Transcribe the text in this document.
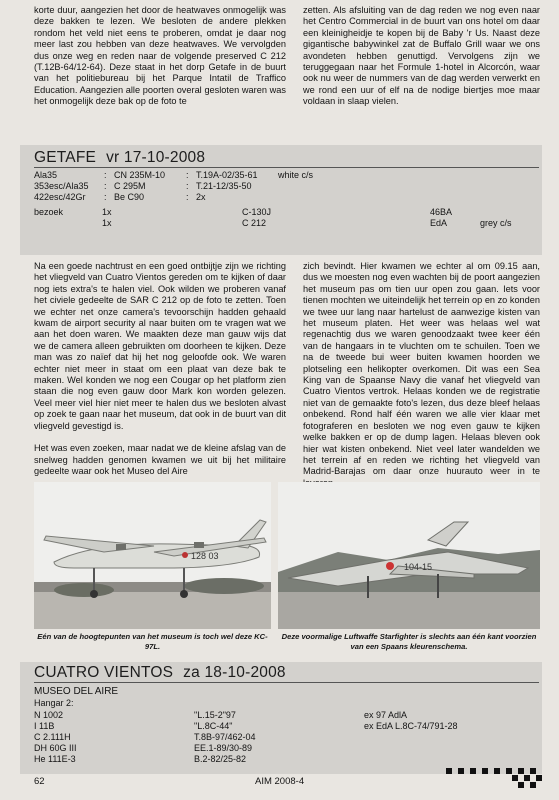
korte duur, aangezien het door de heatwaves onmogelijk was deze bakken te lezen. We besloten de andere plekken rondom het veld niet eens te proberen, omdat je daar nog meer last zou hebben van deze heatwaves. We vervolgden dus onze weg en reden naar de volgende preserved C 212 (T.12B-64/12-64). Deze staat in het dorp Getafe in de buurt van het politiebureau bij het Parque Intatil de Traffico Education. Aangezien alle poorten overal gesloten waren was het onmogelijk deze bak op de foto te

zetten. Als afsluiting van de dag reden we nog even naar het Centro Commercial in de buurt van ons hotel om daar een kleinigheidje te kopen bij de Baby 'r Us. Naast deze gigantische babywinkel zat de Buffalo Grill waar we ons avondeten hebben genuttigd. Vervolgens zijn we teruggegaan naar het Formule 1-hotel in Alcorcón, waar ook nu weer de nummers van de dag werden verwerkt en we rond een uur of elf na de nodige biertjes moe maar voldaan in slaap vielen.

GETAFE vr 17-10-2008
Ala35	: CN 235M-10 : T.19A-02/35-61 white c/s
353esc/Ala35 : C 295M	: T.21-12/35-50
422esc/42Gr : Be C90	: 2x
bezoek	1x	C-130J	46BA
1x	C 212	EdA	grey c/s

Na een goede nachtrust en een goed ontbijtje zijn we richting het vliegveld van Cuatro Vientos gereden om te kijken of daar nog iets extra's te halen viel. Ook wilden we proberen vanaf het civiele gedeelte de SAR C 212 op de foto te zetten. Toen we echter net onze camera's tevoorschijn hadden gehaald kwam de airport security al naar buiten om te vragen wat we aan het doen waren. We maakten deze man gauw wijs dat we de camera alleen gebruikten om doorheen te kijken. Deze man was zo naïef dat hij het nog geloofde ook. We waren echter niet meer in staat om een plaat van deze bak te maken. Wel konden we nog een Cougar op het platform zien staan die nog even gauw door Mark kon worden gelezen. Veel meer viel hier niet meer te halen dus we besloten alvast op zoek te gaan naar het museum, dat ook in de buurt van dit vliegveld gevestigd is.

Het was even zoeken, maar nadat we de kleine afslag van de snelweg hadden genomen kwamen we uit bij het militaire gedeelte waar ook het Museo del Aire

zich bevindt. Hier kwamen we echter al om 09.15 aan, dus we moesten nog even wachten bij de poort aangezien het museum pas om tien uur open zou gaan. Iets voor tienen mochten we uiteindelijk het terrein op en zo konden we twee uur lang naar hartelust de aanwezige kisten van het museum platen. Het weer was helaas wel wat regenachtig dus we waren genoodzaakt twee keer één van de hangaars in te vluchten om te schuilen. Toen we na de tweede bui weer buiten kwamen hoorden we plotseling een helikopter overkomen. Dit was een Sea King van de Spaanse Navy die vanaf het vliegveld van Cuatro Vientos vertrok. Helaas konden we de registratie niet van de gemaakte foto's lezen, dus deze bleef helaas onbekend. Rond half één waren we alle vier klaar met fotograferen en besloten we nog even gauw te kijken welke bakken er op de dump lagen. Helaas bleven ook hier wat kisten onbekend. Niet veel later wandelden we het terrein af en reden we richting het vliegveld van Madrid-Barajas om daar onze huurauto weer in te

128 03
104-15
Eén van de hoogtepunten van het museum is toch wel deze KC-97L.
Deze voormalige Luftwaffe Starfighter is slechts aan één kant voorzien van een Spaans kleurenschema.
CUATRO VIENTOS za 18-10-2008
MUSEO DEL AIRE
Hangar 2:
N 1002	"L.15-2"97	ex 97 AdlA
I 11B	"L.8C-44"	ex EdA L.8C-74/791-28
C 2.111H	T.8B-97/462-04
DH 60G III	EE.1-89/30-89
He 111E-3	B.2-82/25-82
62	AIM 2008-4
